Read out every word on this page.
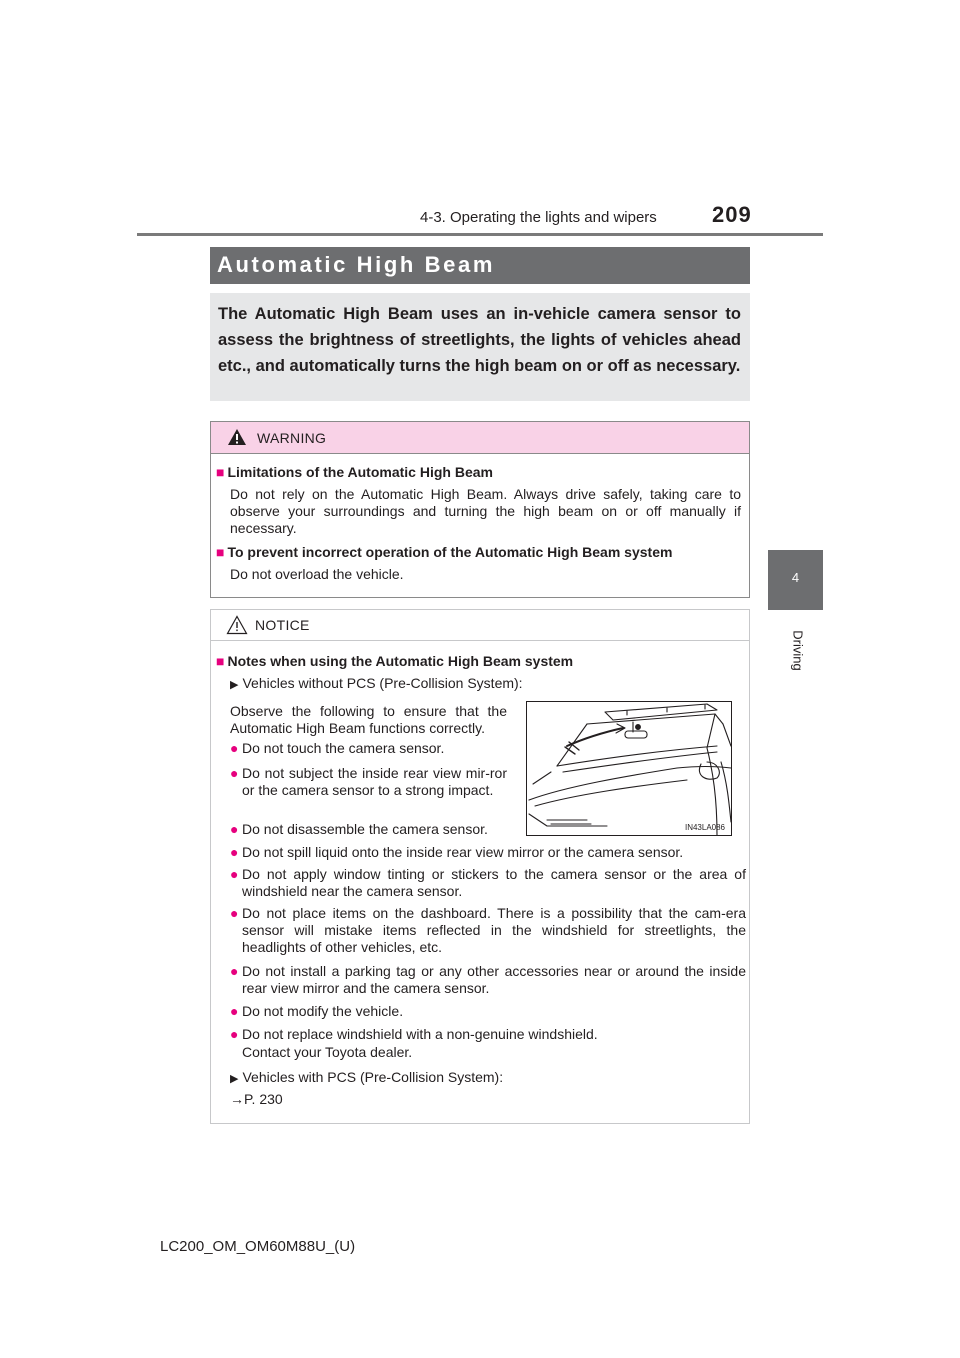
4-3. Operating the lights and wipers	209
4
Driving
Automatic High Beam

The Automatic High Beam uses an in-vehicle camera sensor to assess the brightness of streetlights, the lights of vehicles ahead etc., and automatically turns the high beam on or off as necessary.

WARNING
■ Limitations of the Automatic High Beam

Do not rely on the Automatic High Beam. Always drive safely, taking care to observe your surroundings and turning the high beam on or off manually if necessary.

■ To prevent incorrect operation of the Automatic High Beam system

Do not overload the vehicle.

NOTICE
■ Notes when using the Automatic High Beam system
▶ Vehicles without PCS (Pre-Collision System):

Observe the following to ensure that the Automatic High Beam functions correctly.

● Do not touch the camera sensor.
● Do not subject the inside rear view mir-ror or the camera sensor to a strong impact.
● Do not disassemble the camera sensor.
● Do not spill liquid onto the inside rear view mirror or the camera sensor.
● Do not apply window tinting or stickers to the camera sensor or the area of windshield near the camera sensor.
● Do not place items on the dashboard. There is a possibility that the cam-era sensor will mistake items reflected in the windshield for streetlights, the headlights of other vehicles, etc.
● Do not install a parking tag or any other accessories near or around the inside rear view mirror and the camera sensor.
● Do not modify the vehicle.
● Do not replace windshield with a non-genuine windshield.
Contact your Toyota dealer.
▶ Vehicles with PCS (Pre-Collision System):
→P. 230
IN43LA086
LC200_OM_OM60M88U_(U)
